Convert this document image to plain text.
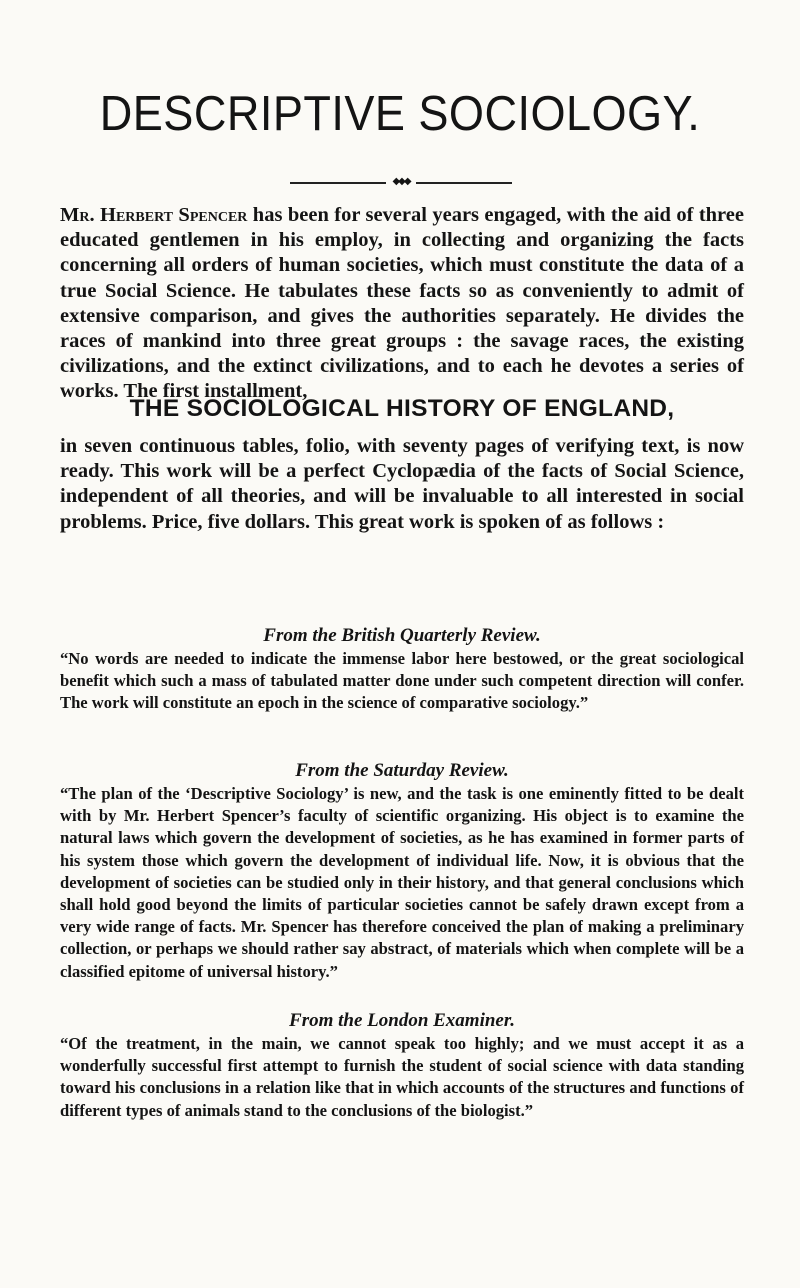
DESCRIPTIVE SOCIOLOGY.
◆◆◆

Mr. Herbert Spencer has been for several years engaged, with the aid of three educated gentlemen in his employ, in collecting and organizing the facts concerning all orders of human societies, which must constitute the data of a true Social Science. He tabulates these facts so as conveniently to admit of extensive comparison, and gives the authorities separately. He divides the races of mankind into three great groups : the savage races, the existing civilizations, and the extinct civilizations, and to each he devotes a series of works. The first installment,

THE SOCIOLOGICAL HISTORY OF ENGLAND,

in seven continuous tables, folio, with seventy pages of verifying text, is now ready. This work will be a perfect Cyclopædia of the facts of Social Science, independent of all theories, and will be invaluable to all interested in social problems. Price, five dollars. This great work is spoken of as follows :

From the British Quarterly Review.

“No words are needed to indicate the immense labor here bestowed, or the great sociological benefit which such a mass of tabulated matter done under such competent direction will confer. The work will constitute an epoch in the science of comparative sociology.”

From the Saturday Review.

“The plan of the ‘Descriptive Sociology’ is new, and the task is one eminently fitted to be dealt with by Mr. Herbert Spencer’s faculty of scientific organizing. His object is to examine the natural laws which govern the development of societies, as he has examined in former parts of his system those which govern the development of individual life. Now, it is obvious that the development of societies can be studied only in their history, and that general conclusions which shall hold good beyond the limits of particular societies cannot be safely drawn except from a very wide range of facts. Mr. Spencer has therefore conceived the plan of making a preliminary collection, or perhaps we should rather say abstract, of materials which when complete will be a classified epitome of universal history.”

From the London Examiner.

“Of the treatment, in the main, we cannot speak too highly; and we must accept it as a wonderfully successful first attempt to furnish the student of social science with data standing toward his conclusions in a relation like that in which accounts of the structures and functions of different types of animals stand to the conclusions of the biologist.”
